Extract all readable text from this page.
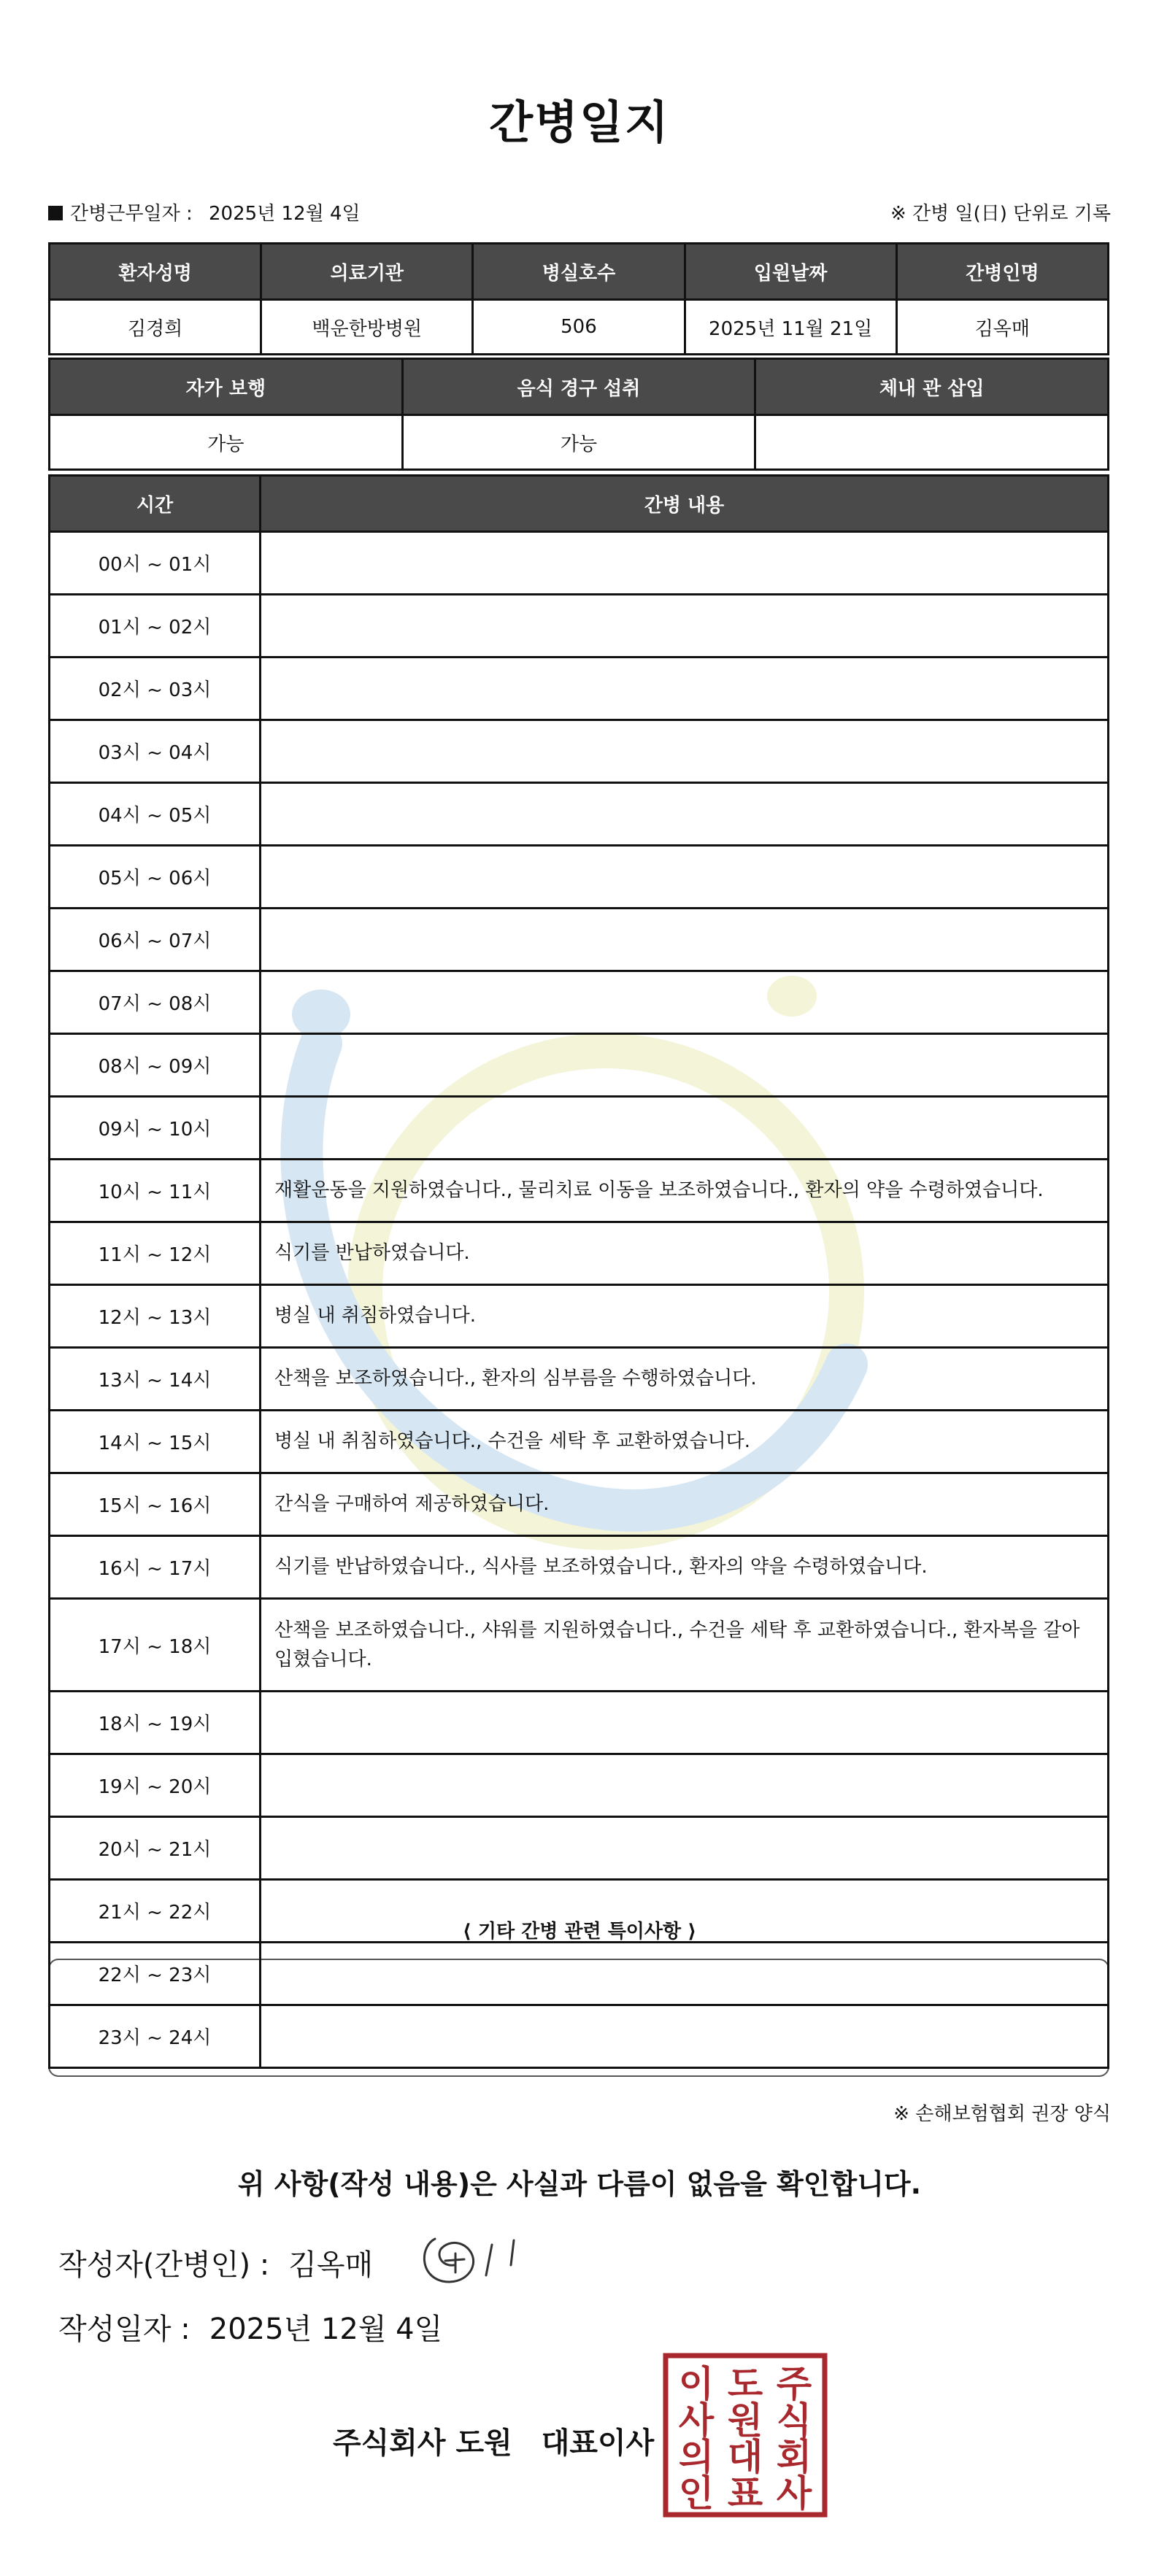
간병일지
간병근무일자 : 2025년 12월 4일	※ 간병 일(日) 단위로 기록
환자성명	의료기관	병실호수	입원날짜	간병인명
김경희	백운한방병원	506	2025년 11월 21일	김옥매
자가 보행	음식 경구 섭취	체내 관 삽입
가능	가능	
시간	간병 내용
00시 ~ 01시	
01시 ~ 02시	
02시 ~ 03시	
03시 ~ 04시	
04시 ~ 05시	
05시 ~ 06시	
06시 ~ 07시	
07시 ~ 08시	
08시 ~ 09시	
09시 ~ 10시	
10시 ~ 11시	재활운동을 지원하였습니다., 물리치료 이동을 보조하였습니다., 환자의 약을 수령하였습니다.
11시 ~ 12시	식기를 반납하였습니다.
12시 ~ 13시	병실 내 취침하였습니다.
13시 ~ 14시	산책을 보조하였습니다., 환자의 심부름을 수행하였습니다.
14시 ~ 15시	병실 내 취침하였습니다., 수건을 세탁 후 교환하였습니다.
15시 ~ 16시	간식을 구매하여 제공하였습니다.
16시 ~ 17시	식기를 반납하였습니다., 식사를 보조하였습니다., 환자의 약을 수령하였습니다.
17시 ~ 18시	산책을 보조하였습니다., 샤워를 지원하였습니다., 수건을 세탁 후 교환하였습니다., 환자복을 갈아입혔습니다.
18시 ~ 19시	
19시 ~ 20시	
20시 ~ 21시	
21시 ~ 22시	
22시 ~ 23시	
23시 ~ 24시	
⟨ 기타 간병 관련 특이사항 ⟩
※ 손해보험협회 권장 양식
위 사항(작성 내용)은 사실과 다름이 없음을 확인합니다.
작성자(간병인) : 김옥매
작성일자 : 2025년 12월 4일
주식회사 도원 대표이사
주
식
회
사
도
원
대
표
이
사
의
인
